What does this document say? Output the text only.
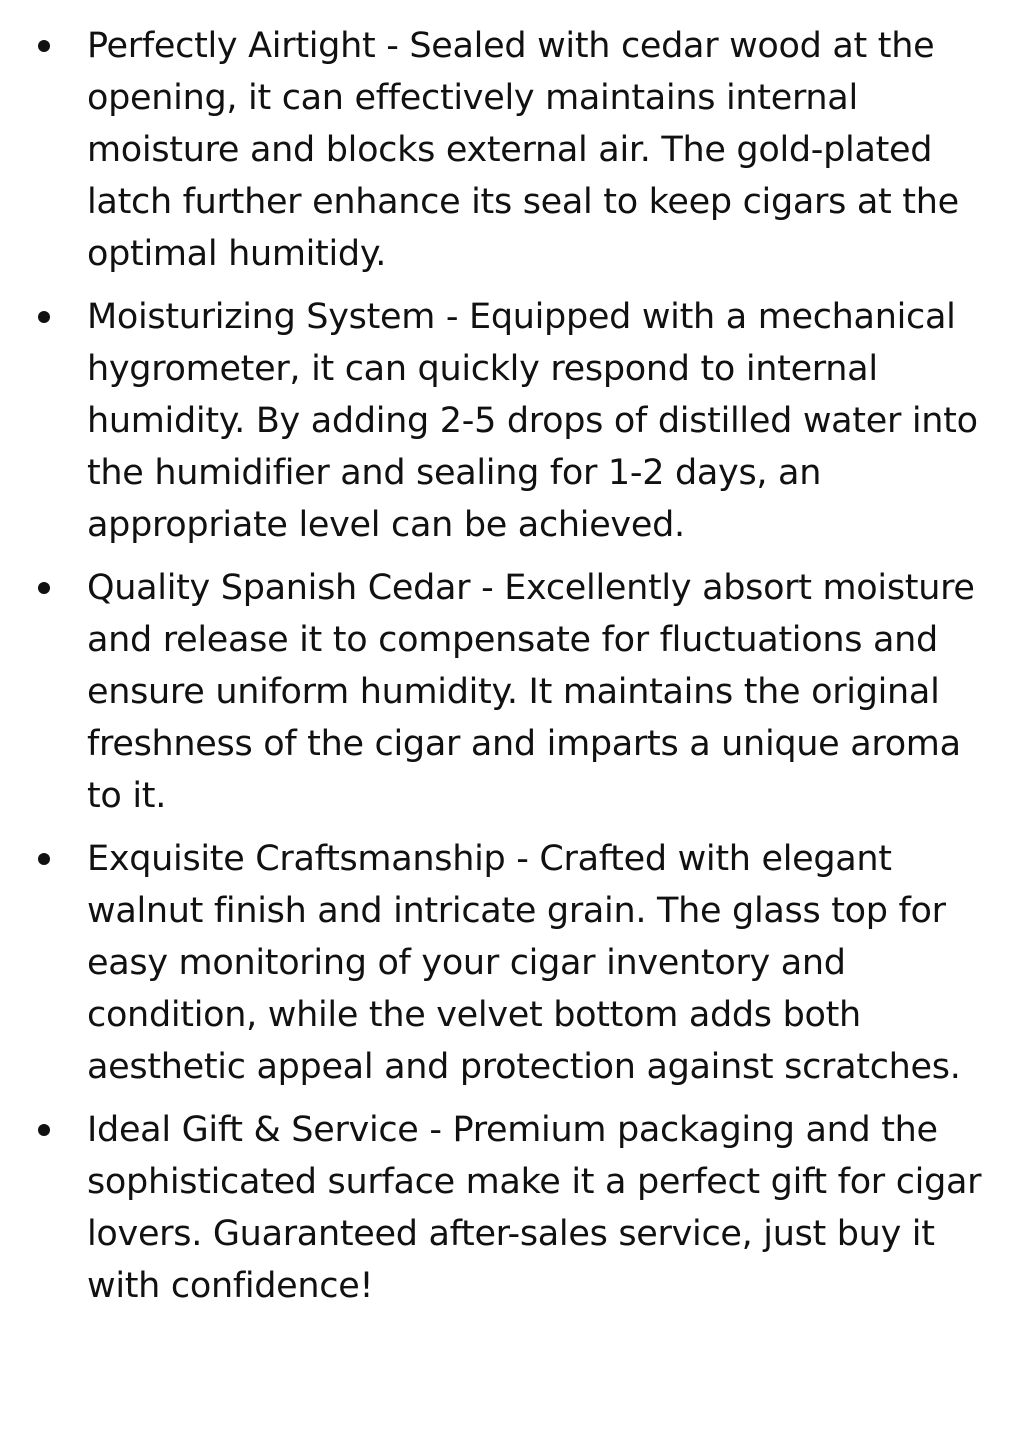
Perfectly Airtight - Sealed with cedar wood at the opening, it can effectively maintains internal moisture and blocks external air. The gold-plated latch further enhance its seal to keep cigars at the optimal humitidy.
Moisturizing System - Equipped with a mechanical hygrometer, it can quickly respond to internal humidity. By adding 2-5 drops of distilled water into the humidifier and sealing for 1-2 days, an appropriate level can be achieved.
Quality Spanish Cedar - Excellently absort moisture and release it to compensate for fluctuations and ensure uniform humidity. It maintains the original freshness of the cigar and imparts a unique aroma to it.
Exquisite Craftsmanship - Crafted with elegant walnut finish and intricate grain. The glass top for easy monitoring of your cigar inventory and condition, while the velvet bottom adds both aesthetic appeal and protection against scratches.
Ideal Gift & Service - Premium packaging and the sophisticated surface make it a perfect gift for cigar lovers. Guaranteed after-sales service, just buy it with confidence!
